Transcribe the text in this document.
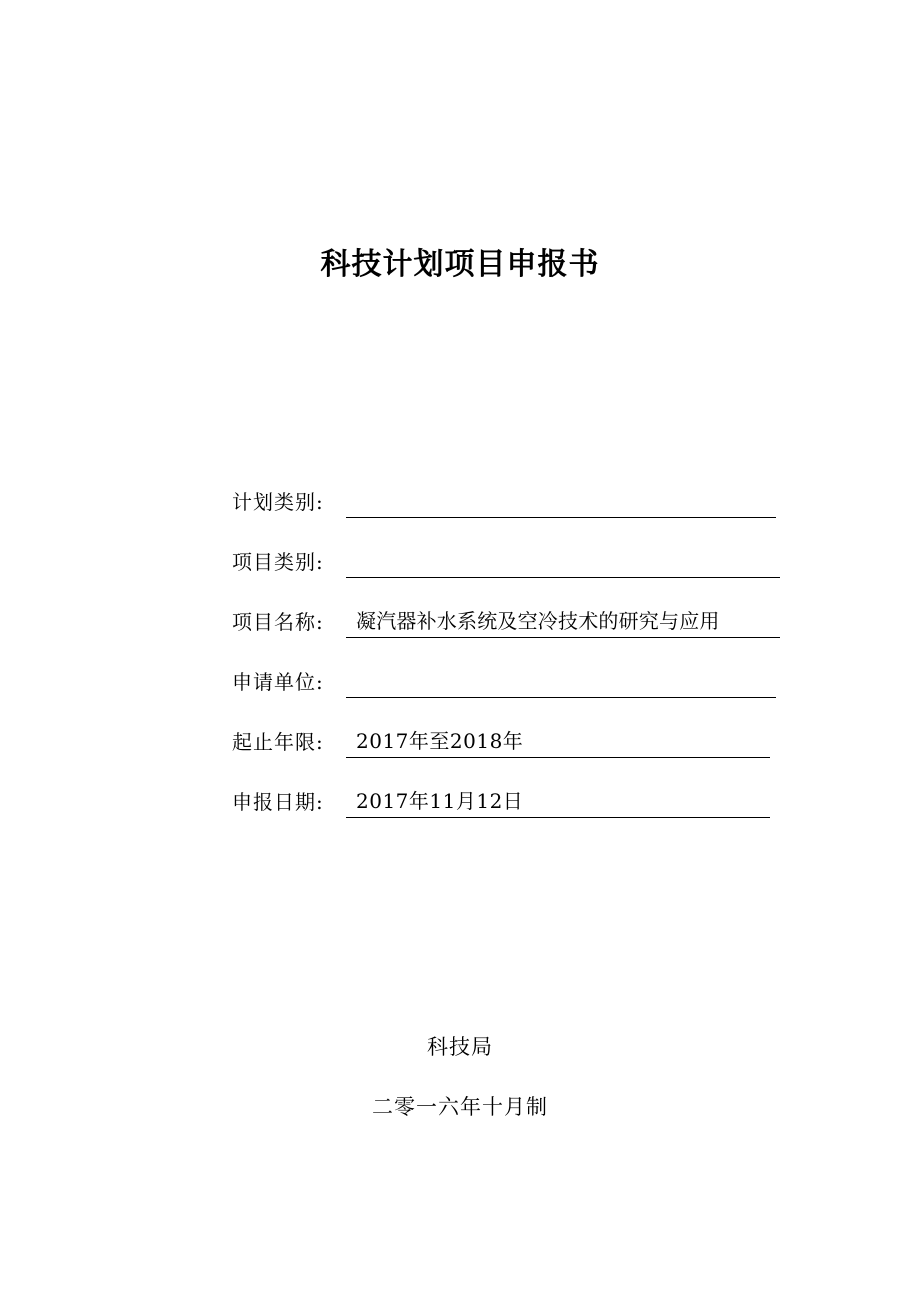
科技计划项目申报书
计划类别:
项目类别:
项目名称: 凝汽器补水系统及空冷技术的研究与应用
申请单位:
起止年限: 2017年至2018年
申报日期: 2017年11月12日
科技局
二零一六年十月制
